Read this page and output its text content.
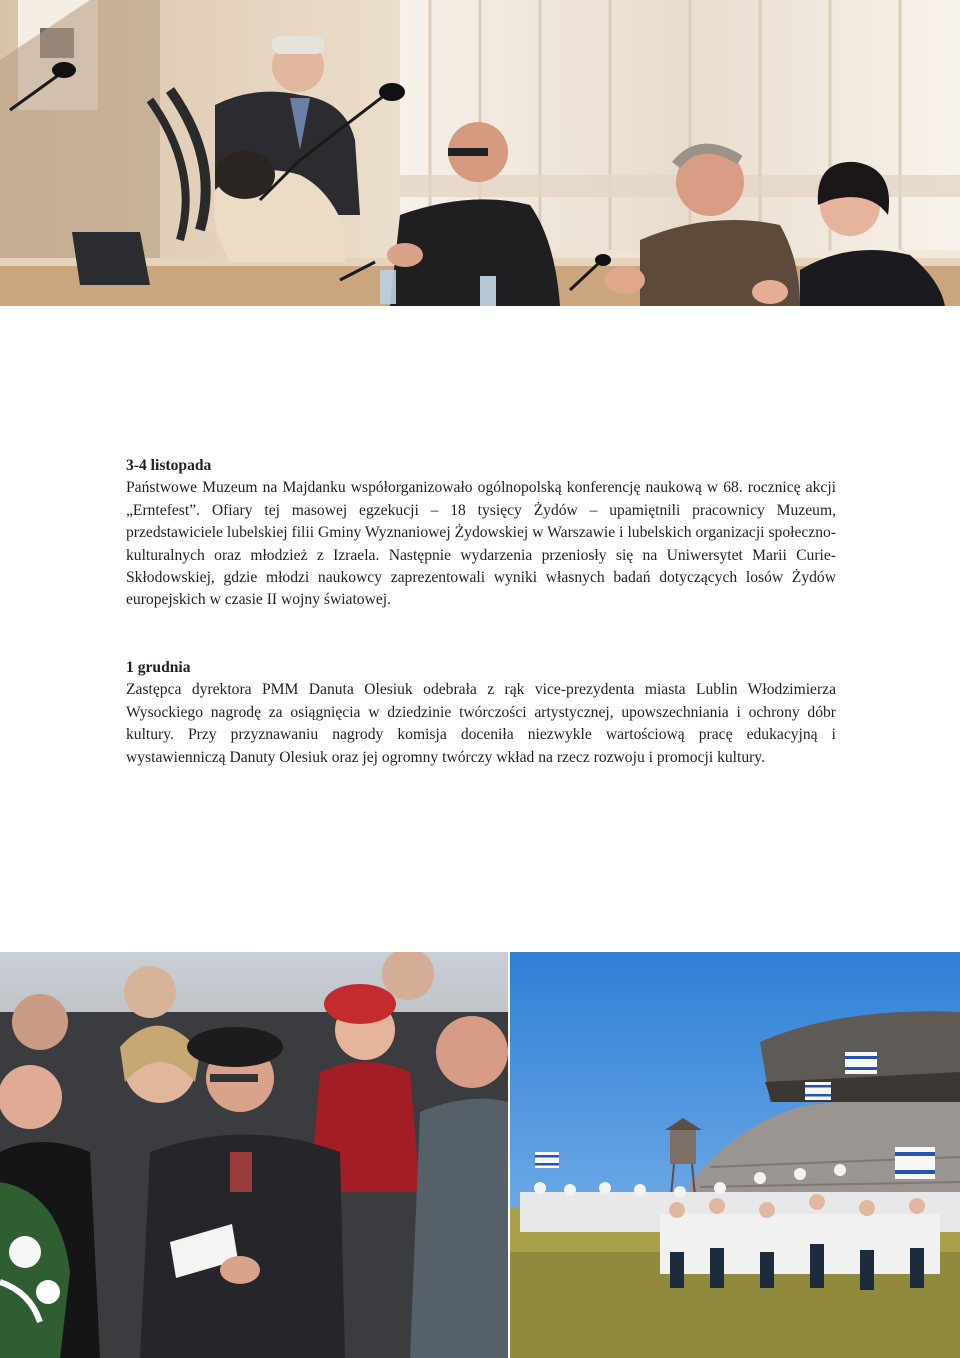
3-4 listopada

Państwowe Muzeum na Majdanku współorganizowało ogólnopolską konferencję naukową w 68. rocznicę akcji „Erntefest”. Ofiary tej masowej egzekucji – 18 tysięcy Żydów – upamiętnili pracownicy Muzeum, przedstawiciele lubelskiej filii Gminy Wyznaniowej Żydowskiej w Warszawie i lubelskich organizacji społeczno-kulturalnych oraz młodzież z Izraela. Następnie wydarzenia przeniosły się na Uniwersytet Marii Curie-Skłodowskiej, gdzie młodzi naukowcy zaprezentowali wyniki własnych badań dotyczących losów Żydów europejskich w czasie II wojny światowej.

1 grudnia

Zastępca dyrektora PMM Danuta Olesiuk odebrała z rąk vice-prezydenta miasta Lublin Włodzimierza Wysockiego nagrodę za osiągnięcia w dziedzinie twórczości artystycznej, upowszechniania i ochrony dóbr kultury. Przy przyznawaniu nagrody komisja doceniła niezwykle wartościową pracę edukacyjną i wystawienniczą Danuty Olesiuk oraz jej ogromny twórczy wkład na rzecz rozwoju i promocji kultury.
